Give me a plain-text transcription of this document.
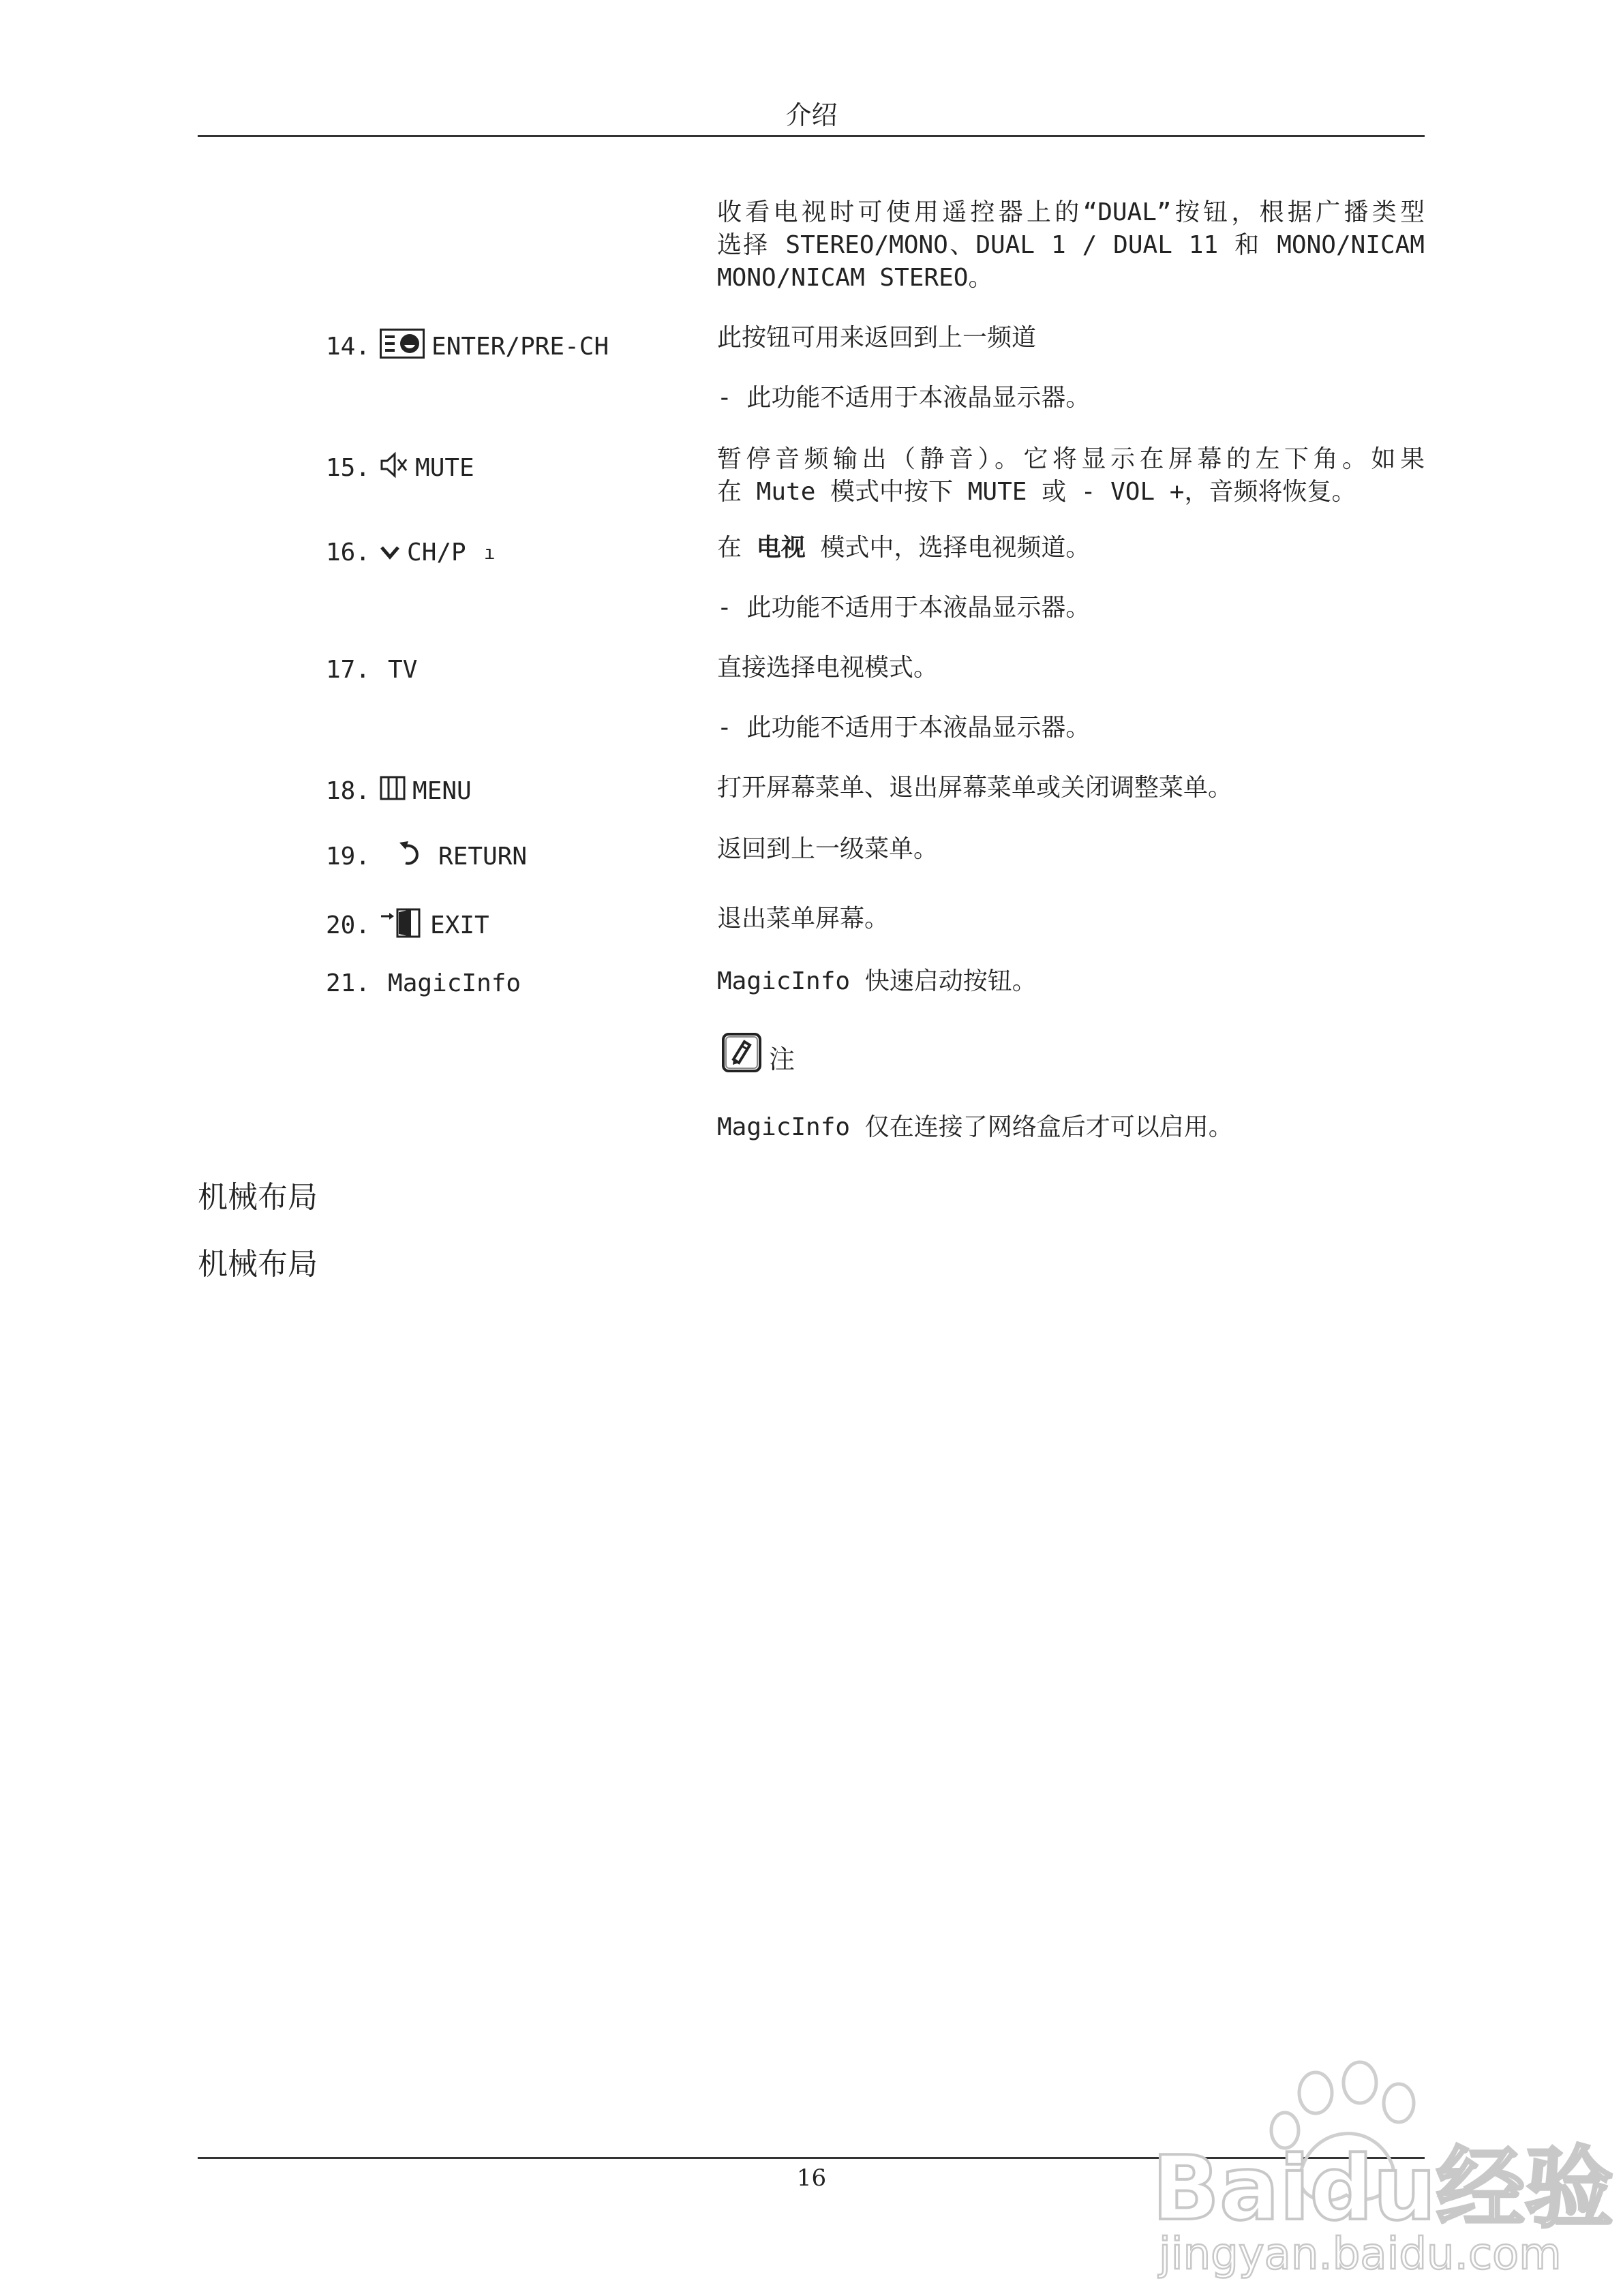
介绍
收看电视时可使用遥控器上的“DUAL”按钮，根据广播类型
选择 STEREO/MONO、DUAL 1 / DUAL 11 和 MONO/NICAM
MONO/NICAM STEREO。
14.	ENTER/PRE-CH	此按钮可用来返回到上一频道
- 此功能不适用于本液晶显示器。
15. MUTE	暂停音频输出（静音）。它将显示在屏幕的左下角。如果
在 Mute 模式中按下 MUTE 或 - VOL +，音频将恢复。
16. CH/P ı	在 电视 模式中，选择电视频道。
- 此功能不适用于本液晶显示器。
17. TV	直接选择电视模式。
- 此功能不适用于本液晶显示器。
18. MENU	打开屏幕菜单、退出屏幕菜单或关闭调整菜单。
19.	RETURN	返回到上一级菜单。
20. EXIT	退出菜单屏幕。
21. MagicInfo	MagicInfo 快速启动按钮。
注
MagicInfo 仅在连接了网络盒后才可以启用。
机械布局
机械布局
16	Baidu经验
jingyan.baidu.com
